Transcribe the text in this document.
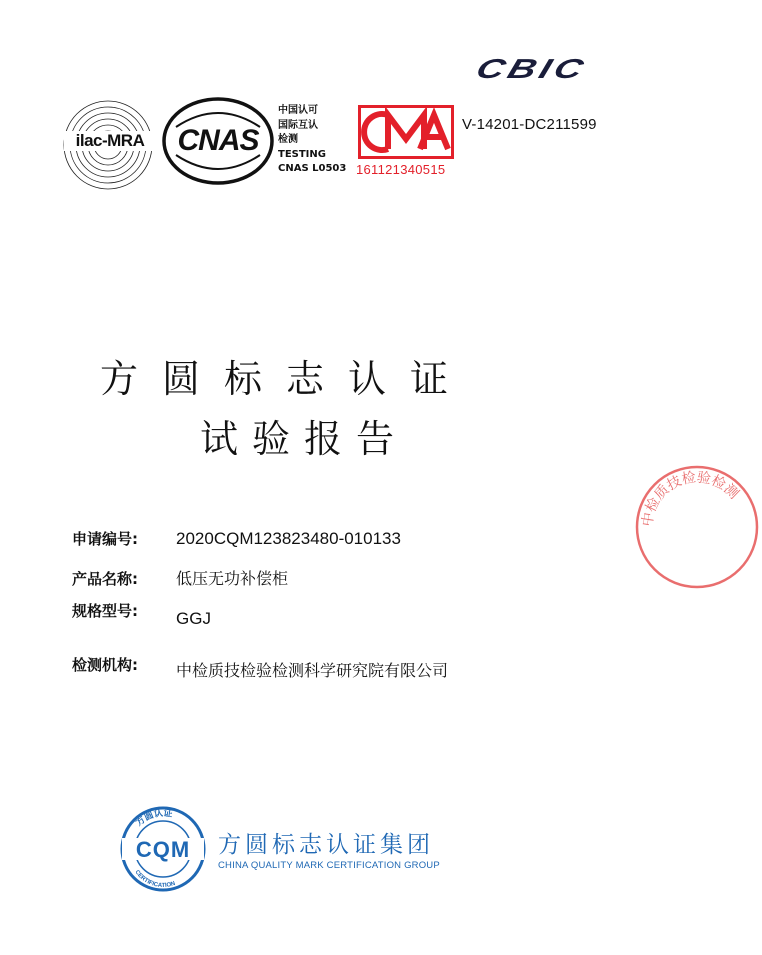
ilac-MRA	CNAS
中国认可
国际互认
检测
TESTING
CNAS L0503 161121340515
V-14201-DC211599
CBIC
方圆标志认证
试验报告
申请编号: 2020CQM123823480-010133
产品名称: 低压无功补偿柜
规格型号: GGJ
检测机构: 中检质技检验检测科学研究院有限公司
中检质技检验检测
方圆认证
CERTIFICATION
CQM 方圆标志认证集团
CHINA QUALITY MARK CERTIFICATION GROUP
